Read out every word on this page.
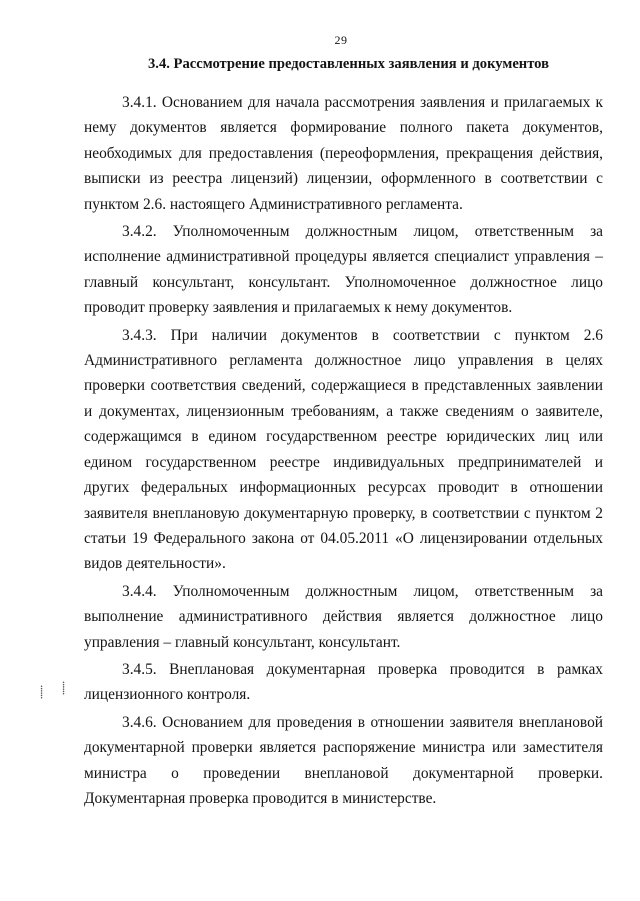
29
3.4. Рассмотрение предоставленных заявления и документов

3.4.1. Основанием для начала рассмотрения заявления и прилагаемых к нему документов является формирование полного пакета документов, необходимых для предоставления (переоформления, прекращения действия, выписки из реестра лицензий) лицензии, оформленного в соответствии с пунктом 2.6. настоящего Административного регламента.

3.4.2. Уполномоченным должностным лицом, ответственным за исполнение административной процедуры является специалист управления – главный консультант, консультант. Уполномоченное должностное лицо проводит проверку заявления и прилагаемых к нему документов.

3.4.3. При наличии документов в соответствии с пунктом 2.6 Административного регламента должностное лицо управления в целях проверки соответствия сведений, содержащиеся в представленных заявлении и документах, лицензионным требованиям, а также сведениям о заявителе, содержащимся в едином государственном реестре юридических лиц или едином государственном реестре индивидуальных предпринимателей и других федеральных информационных ресурсах проводит в отношении заявителя внеплановую документарную проверку, в соответствии с пунктом 2 статьи 19 Федерального закона от 04.05.2011 «О лицензировании отдельных видов деятельности».

3.4.4. Уполномоченным должностным лицом, ответственным за выполнение административного действия является должностное лицо управления – главный консультант, консультант.

3.4.5. Внеплановая документарная проверка проводится в рамках лицензионного контроля.

3.4.6. Основанием для проведения в отношении заявителя внеплановой документарной проверки является распоряжение министра или заместителя министра о проведении внеплановой документарной проверки. Документарная проверка проводится в министерстве.

⸽ ⸽
